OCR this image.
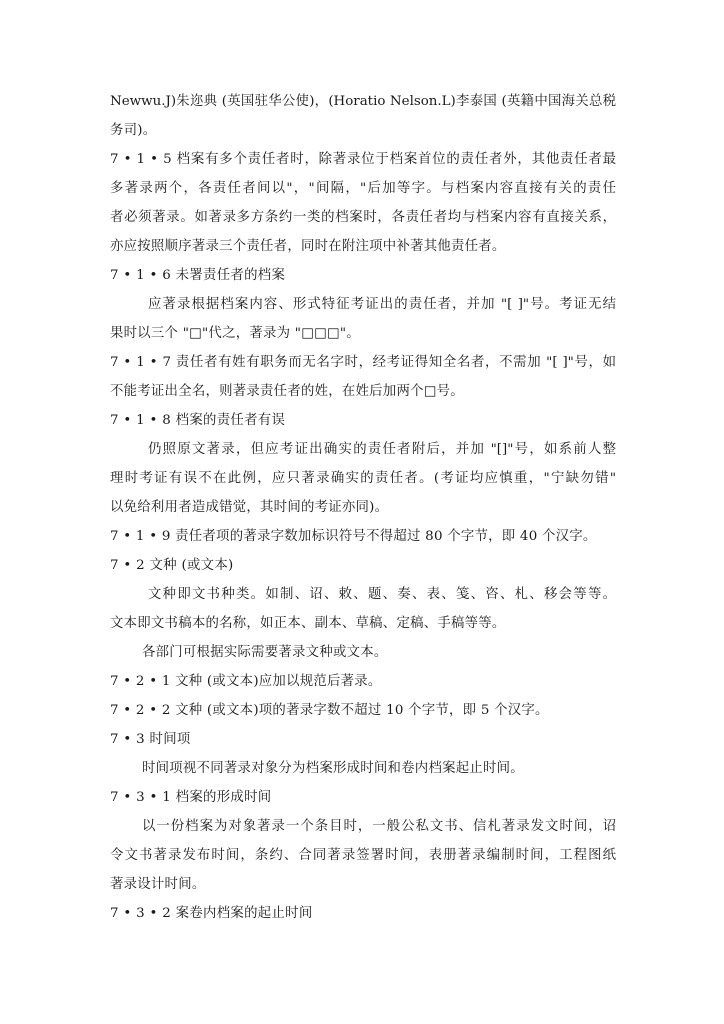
Newwu.J)朱迩典 (英国驻华公使)，(Horatio Nelson.L)李泰国 (英籍中国海关总税
务司)。
7 • 1 • 5 档案有多个责任者时，除著录位于档案首位的责任者外，其他责任者最
多著录两个，各责任者间以"，"间隔，"后加等字。与档案内容直接有关的责任
者必须著录。如著录多方条约一类的档案时，各责任者均与档案内容有直接关系，
亦应按照顺序著录三个责任者，同时在附注项中补著其他责任者。
7 • 1 • 6 未署责任者的档案
应著录根据档案内容、形式特征考证出的责任者，并加 "[ ]"号。考证无结
果时以三个 "□"代之，著录为 "□□□"。
7 • 1 • 7 责任者有姓有职务而无名字时，经考证得知全名者，不需加 "[ ]"号，如
不能考证出全名，则著录责任者的姓，在姓后加两个□号。
7 • 1 • 8 档案的责任者有误
仍照原文著录，但应考证出确实的责任者附后，并加 "[]"号，如系前人整
理时考证有误不在此例，应只著录确实的责任者。(考证均应慎重，"宁缺勿错"
以免给利用者造成错觉，其时间的考证亦同)。
7 • 1 • 9 责任者项的著录字数加标识符号不得超过 80 个字节，即 40 个汉字。
7 • 2 文种 (或文本)
文种即文书种类。如制、诏、敕、题、奏、表、笺、咨、札、移会等等。
文本即文书稿本的名称，如正本、副本、草稿、定稿、手稿等等。
各部门可根据实际需要著录文种或文本。
7 • 2 • 1 文种 (或文本)应加以规范后著录。
7 • 2 • 2 文种 (或文本)项的著录字数不超过 10 个字节，即 5 个汉字。
7 • 3 时间项
时间项视不同著录对象分为档案形成时间和卷内档案起止时间。
7 • 3 • 1 档案的形成时间
以一份档案为对象著录一个条目时，一般公私文书、信札著录发文时间，诏
令文书著录发布时间，条约、合同著录签署时间，表册著录编制时间，工程图纸
著录设计时间。
7 • 3 • 2 案卷内档案的起止时间
